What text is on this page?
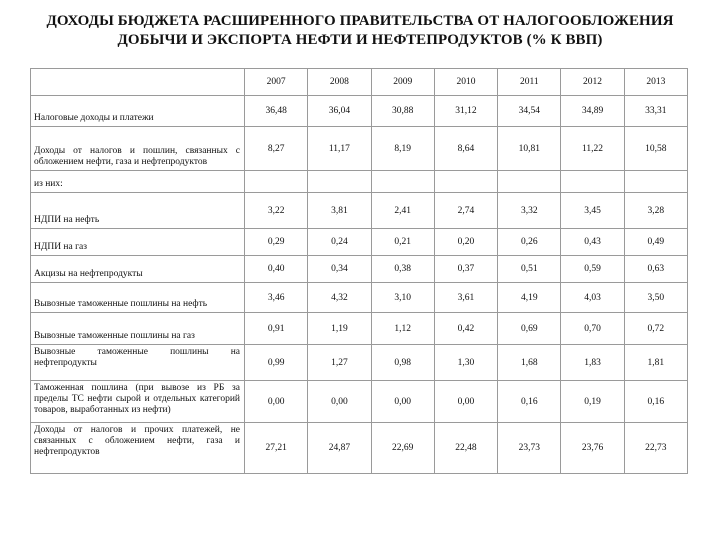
ДОХОДЫ БЮДЖЕТА РАСШИРЕННОГО ПРАВИТЕЛЬСТВА ОТ НАЛОГООБЛОЖЕНИЯ
ДОБЫЧИ И ЭКСПОРТА НЕФТИ И НЕФТЕПРОДУКТОВ (% К ВВП)
	2007	2008	2009	2010	2011	2012	2013
Налоговые доходы и платежи	36,48	36,04	30,88	31,12	34,54	34,89	33,31
Доходы от налогов и пошлин, связанных с обложением нефти, газа и нефтепродуктов	8,27	11,17	8,19	8,64	10,81	11,22	10,58
из них:							
НДПИ на нефть	3,22	3,81	2,41	2,74	3,32	3,45	3,28
НДПИ на газ	0,29	0,24	0,21	0,20	0,26	0,43	0,49
Акцизы на нефтепродукты	0,40	0,34	0,38	0,37	0,51	0,59	0,63
Вывозные таможенные пошлины на нефть	3,46	4,32	3,10	3,61	4,19	4,03	3,50
Вывозные таможенные пошлины на газ	0,91	1,19	1,12	0,42	0,69	0,70	0,72
Вывозные таможенные пошлины на нефтепродукты	0,99	1,27	0,98	1,30	1,68	1,83	1,81
Таможенная пошлина (при вывозе из РБ за пределы ТС нефти сырой и отдельных категорий товаров, выработанных из нефти)	0,00	0,00	0,00	0,00	0,16	0,19	0,16
Доходы от налогов и прочих платежей, не связанных с обложением нефти, газа и нефтепродуктов	27,21	24,87	22,69	22,48	23,73	23,76	22,73
